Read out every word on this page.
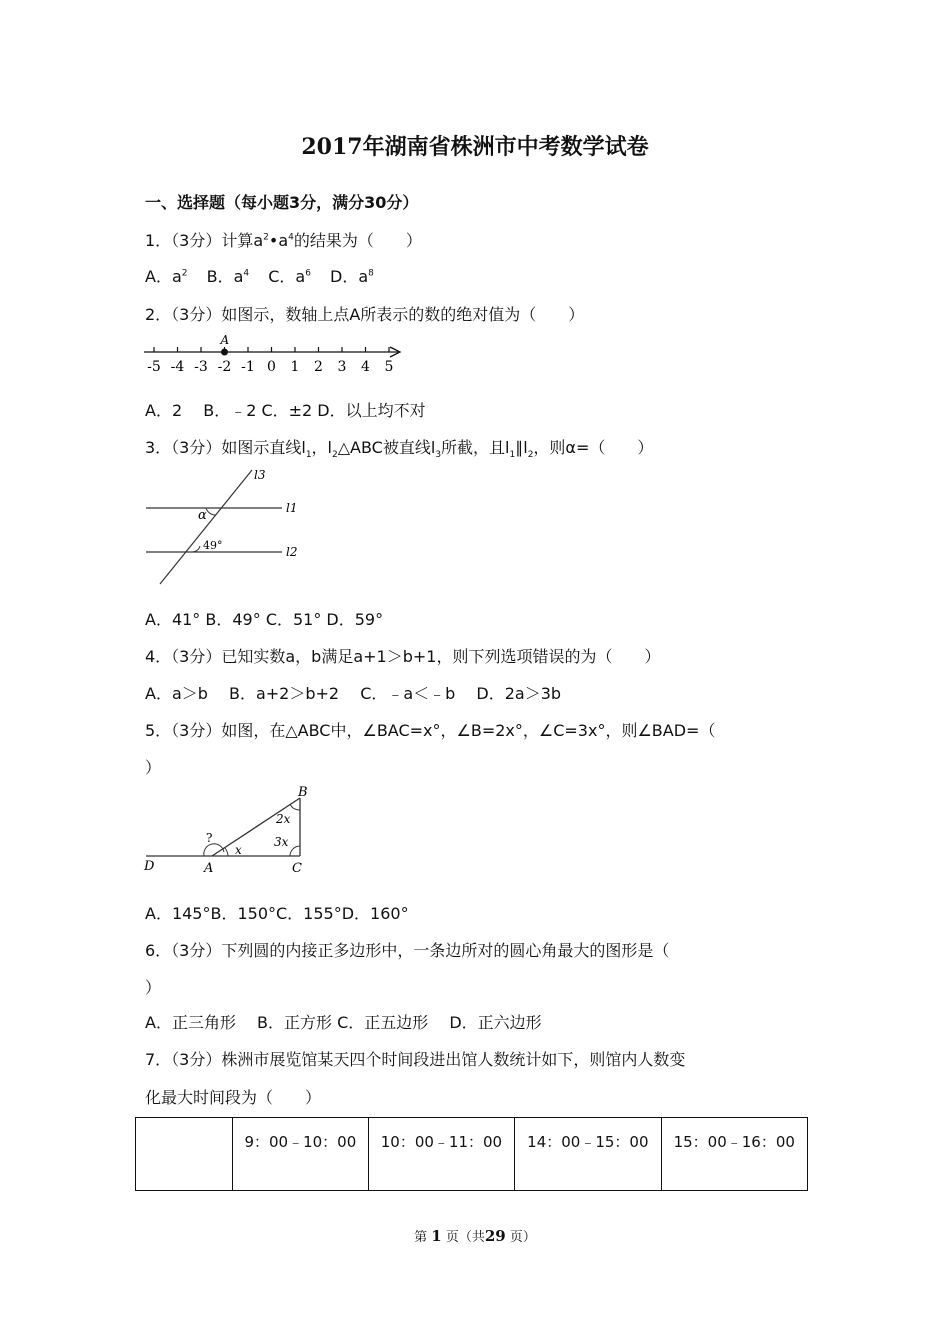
2017年湖南省株洲市中考数学试卷
一、选择题（每小题3分，满分30分）
1．（3分）计算$a^2•a^4$的结果为（　　）
A．$a^2$ B．$a^4$ C．$a^6$ D．$a^8$
2．（3分）如图示，数轴上点A所表示的数的绝对值为（　　）
-5 -4 -3 -2 -1 0 1 2 3 4 5
A
A．2　 B．﹣2 C．±2 D．以上均不对
3．（3分）如图示直线$l_1$，$l_2\triangle ABC$被直线$l_3$所截，且$l_1\parallel l_2$，则α=（　　）
l3
l1
l2
α
49°
A．41° B．49° C．51° D．59°
4．（3分）已知实数a，b满足a+1＞b+1，则下列选项错误的为（　　）
A．a＞b　 B．a+2＞b+2　 C．﹣a＜﹣b　 D．2a＞3b
5．（3分）如图，在△ABC中，∠BAC=x°，∠B=2x°，∠C=3x°，则∠BAD=（
）
B
A	C
D
?
x
2x
3x
A．145°B．150°C．155°D．160°
6．（3分）下列圆的内接正多边形中，一条边所对的圆心角最大的图形是（
）
A．正三角形　 B．正方形 C．正五边形　 D．正六边形
7．（3分）株洲市展览馆某天四个时间段进出馆人数统计如下，则馆内人数变
化最大时间段为（　　）
	9：00﹣10：00	10：00﹣11：00	14：00﹣15：00	15：00﹣16：00
第 1 页（共29 页）
